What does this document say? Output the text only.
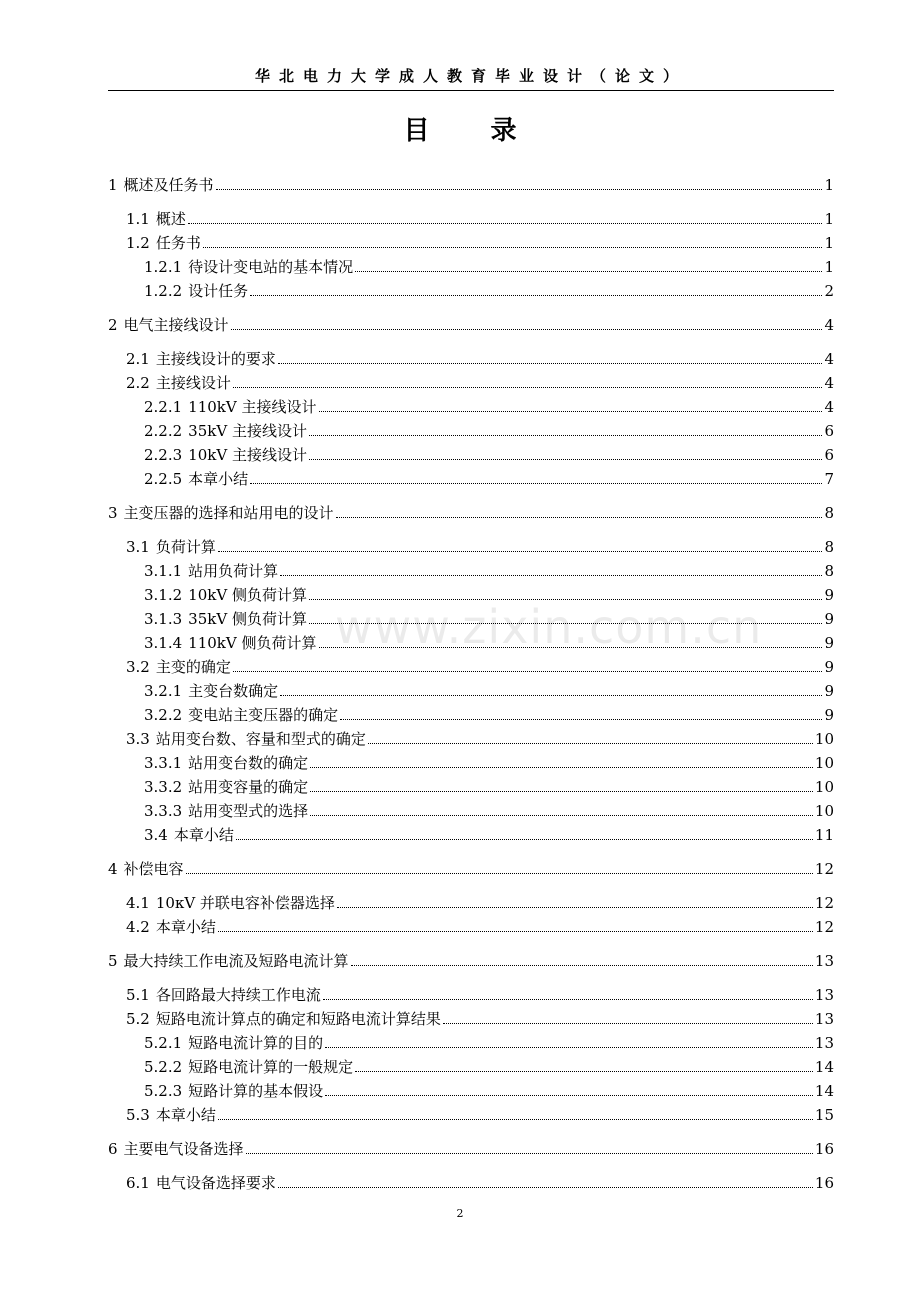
华北电力大学成人教育毕业设计（论文）
目 录
www.zixin.com.cn
1 概述及任务书	1
1.1 概述	1
1.2 任务书	1
1.2.1 待设计变电站的基本情况	1
1.2.2 设计任务	2
2 电气主接线设计	4
2.1 主接线设计的要求	4
2.2 主接线设计	4
2.2.1 110kV 主接线设计	4
2.2.2 35kV 主接线设计	6
2.2.3 10kV 主接线设计	6
2.2.5 本章小结	7
3 主变压器的选择和站用电的设计	8
3.1 负荷计算	8
3.1.1 站用负荷计算	8
3.1.2 10kV 侧负荷计算	9
3.1.3 35kV 侧负荷计算	9
3.1.4 110kV 侧负荷计算	9
3.2 主变的确定	9
3.2.1 主变台数确定	9
3.2.2 变电站主变压器的确定	9
3.3 站用变台数、容量和型式的确定	10
3.3.1 站用变台数的确定	10
3.3.2 站用变容量的确定	10
3.3.3 站用变型式的选择	10
3.4 本章小结	11
4 补偿电容	12
4.1 10кV 并联电容补偿器选择	12
4.2 本章小结	12
5 最大持续工作电流及短路电流计算	13
5.1 各回路最大持续工作电流	13
5.2 短路电流计算点的确定和短路电流计算结果	13
5.2.1 短路电流计算的目的	13
5.2.2 短路电流计算的一般规定	14
5.2.3 短路计算的基本假设	14
5.3 本章小结	15
6 主要电气设备选择	16
6.1 电气设备选择要求	16
2
